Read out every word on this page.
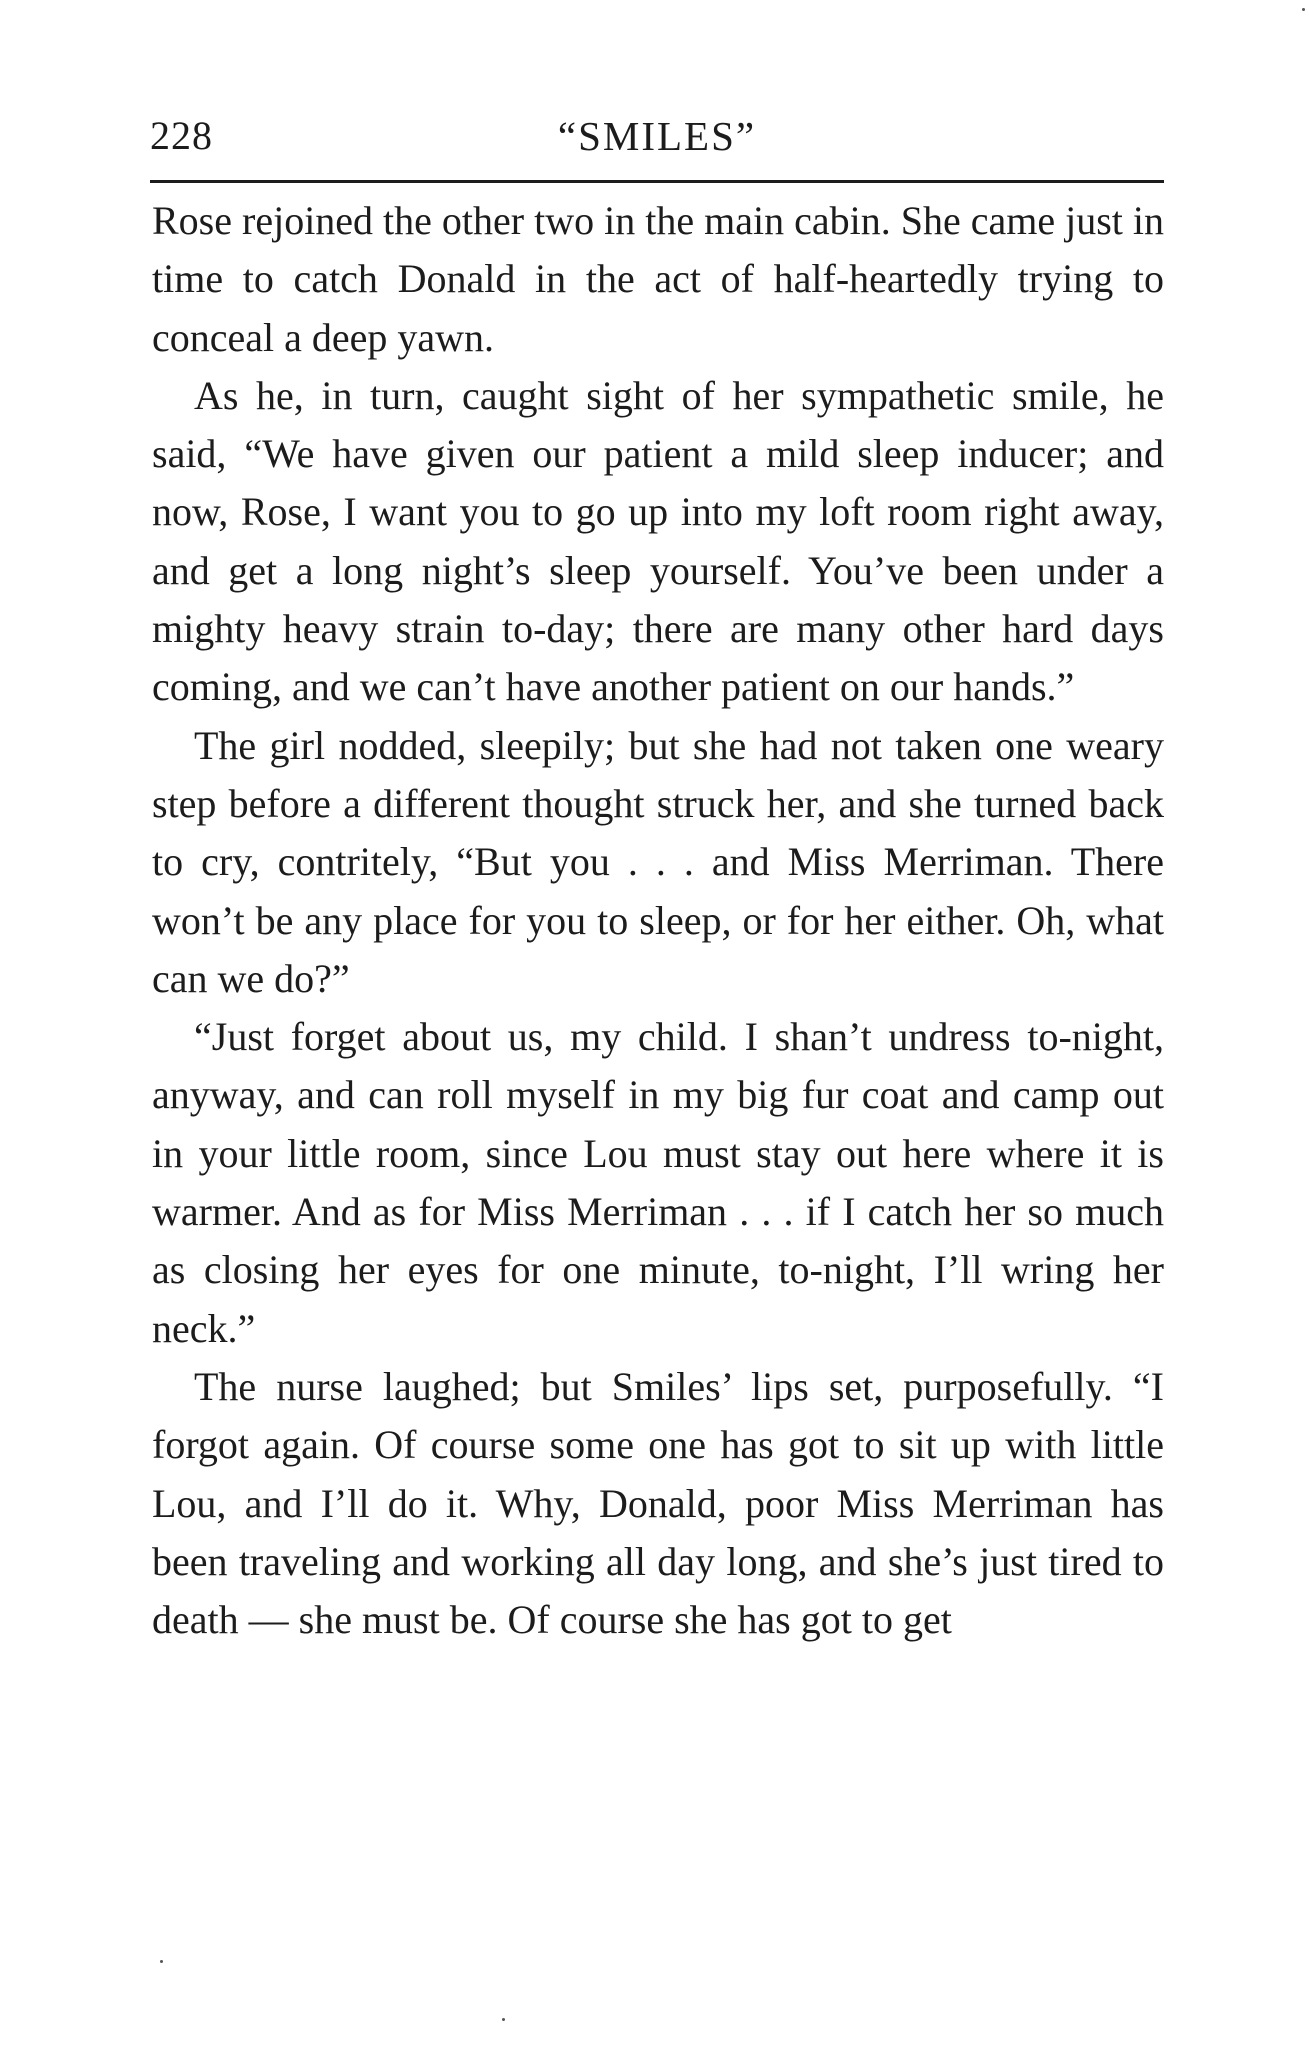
228	“SMILES”

Rose rejoined the other two in the main cabin. She came just in time to catch Donald in the act of half-heartedly trying to conceal a deep yawn.

As he, in turn, caught sight of her sympathetic smile, he said, “We have given our patient a mild sleep inducer; and now, Rose, I want you to go up into my loft room right away, and get a long night’s sleep yourself. You’ve been under a mighty heavy strain to-day; there are many other hard days coming, and we can’t have another patient on our hands.”

The girl nodded, sleepily; but she had not taken one weary step before a different thought struck her, and she turned back to cry, contritely, “But you . . . and Miss Merriman. There won’t be any place for you to sleep, or for her either. Oh, what can we do?”

“Just forget about us, my child. I shan’t undress to-night, anyway, and can roll myself in my big fur coat and camp out in your little room, since Lou must stay out here where it is warmer. And as for Miss Merriman . . . if I catch her so much as closing her eyes for one minute, to-night, I’ll wring her neck.”

The nurse laughed; but Smiles’ lips set, purposefully. “I forgot again. Of course some one has got to sit up with little Lou, and I’ll do it. Why, Donald, poor Miss Merriman has been traveling and working all day long, and she’s just tired to death — she must be. Of course she has got to get
